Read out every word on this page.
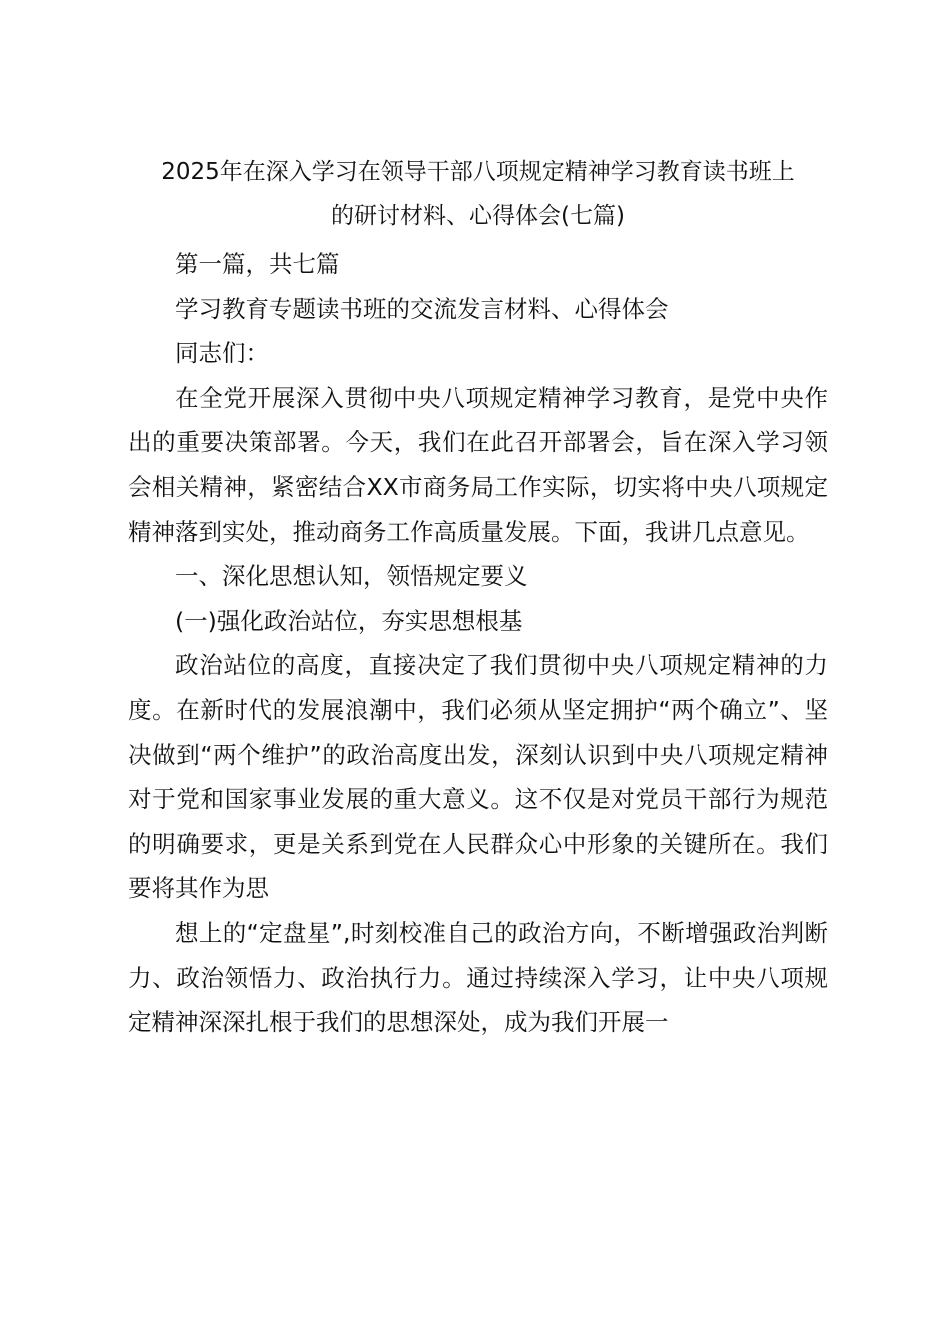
2025年在深入学习在领导干部八项规定精神学习教育读书班上
的研讨材料、心得体会(七篇)

第一篇，共七篇

学习教育专题读书班的交流发言材料、心得体会

同志们：

在全党开展深入贯彻中央八项规定精神学习教育，是党中央作出的重要决策部署。今天，我们在此召开部署会，旨在深入学习领会相关精神，紧密结合XX市商务局工作实际，切实将中央八项规定精神落到实处，推动商务工作高质量发展。下面，我讲几点意见。

一、深化思想认知，领悟规定要义

(一)强化政治站位，夯实思想根基

政治站位的高度，直接决定了我们贯彻中央八项规定精神的力度。在新时代的发展浪潮中，我们必须从坚定拥护“两个确立”、坚决做到“两个维护”的政治高度出发，深刻认识到中央八项规定精神对于党和国家事业发展的重大意义。这不仅是对党员干部行为规范的明确要求，更是关系到党在人民群众心中形象的关键所在。我们要将其作为思

想上的“定盘星”,时刻校准自己的政治方向，不断增强政治判断力、政治领悟力、政治执行力。通过持续深入学习，让中央八项规定精神深深扎根于我们的思想深处，成为我们开展一
